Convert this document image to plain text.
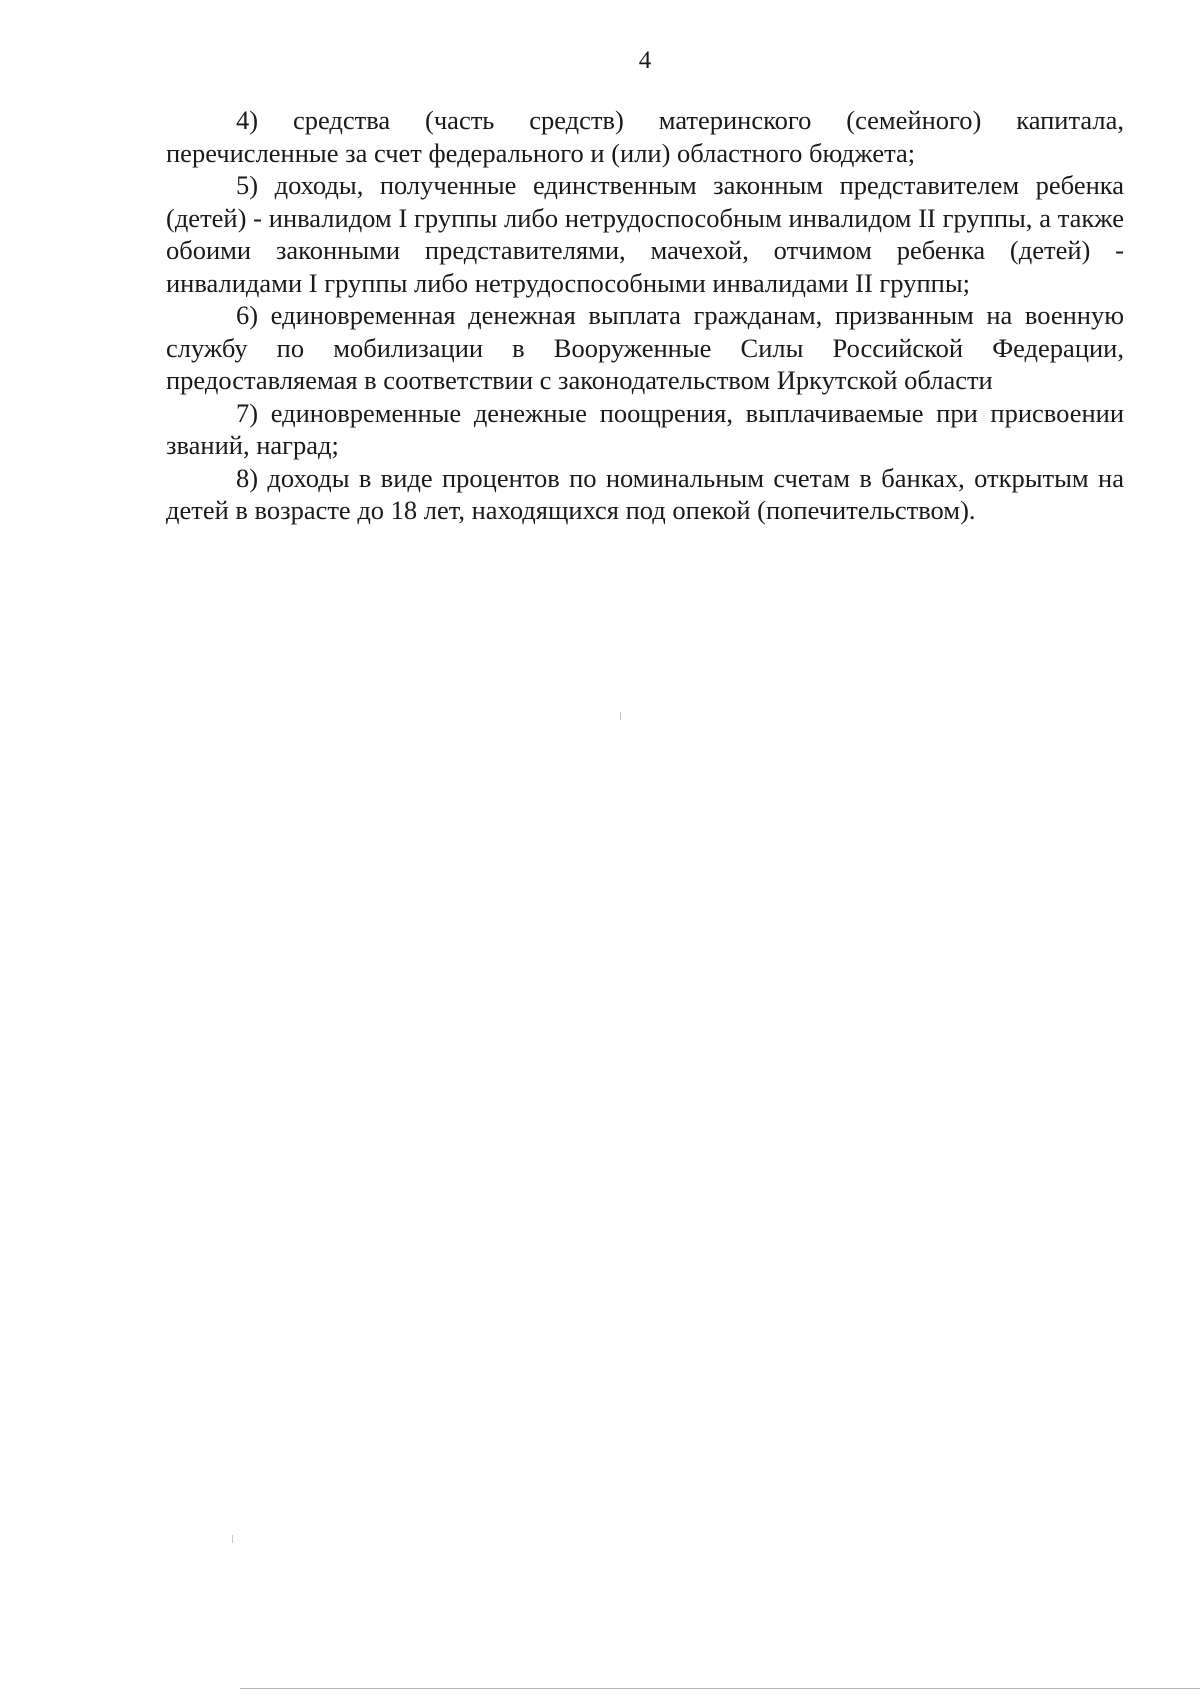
4

4) средства (часть средств) материнского (семейного) капитала, перечисленные за счет федерального и (или) областного бюджета;

5) доходы, полученные единственным законным представителем ребенка (детей) - инвалидом I группы либо нетрудоспособным инвалидом II группы, а также обоими законными представителями, мачехой, отчимом ребенка (детей) - инвалидами I группы либо нетрудоспособными инвалидами II группы;

6) единовременная денежная выплата гражданам, призванным на военную службу по мобилизации в Вооруженные Силы Российской Федерации, предоставляемая в соответствии с законодательством Иркутской области

7) единовременные денежные поощрения, выплачиваемые при присвоении званий, наград;

8) доходы в виде процентов по номинальным счетам в банках, открытым на детей в возрасте до 18 лет, находящихся под опекой (попечительством).
